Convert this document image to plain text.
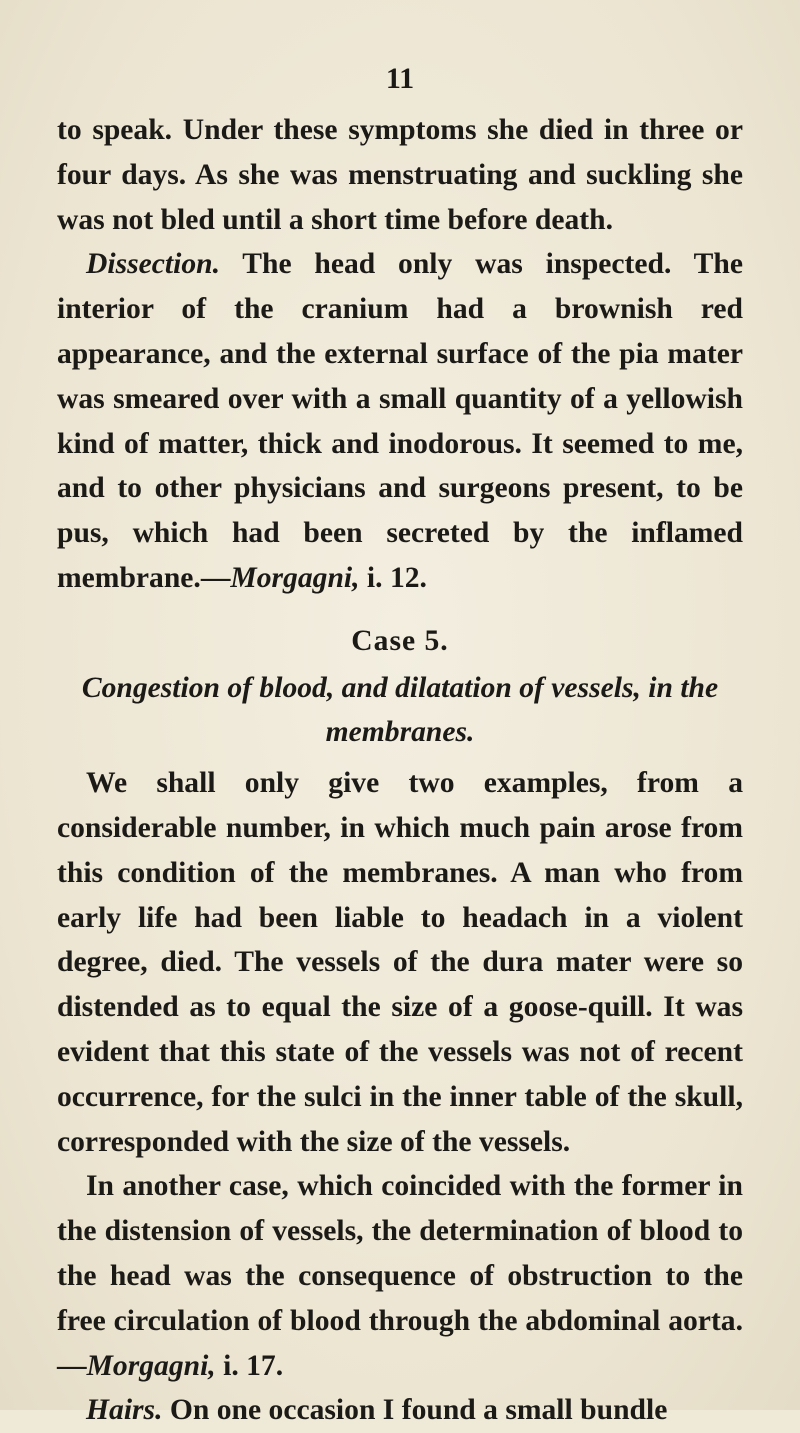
11

to speak. Under these symptoms she died in three or four days. As she was menstruating and suckling she was not bled until a short time before death.

Dissection. The head only was inspected. The interior of the cranium had a brownish red appearance, and the external surface of the pia mater was smeared over with a small quantity of a yellowish kind of matter, thick and inodorous. It seemed to me, and to other physicians and surgeons present, to be pus, which had been secreted by the inflamed membrane.—Morgagni, i. 12.

Case 5.

Congestion of blood, and dilatation of vessels, in the membranes.

We shall only give two examples, from a considerable number, in which much pain arose from this condition of the membranes. A man who from early life had been liable to headach in a violent degree, died. The vessels of the dura mater were so distended as to equal the size of a goose-quill. It was evident that this state of the vessels was not of recent occurrence, for the sulci in the inner table of the skull, corresponded with the size of the vessels.

In another case, which coincided with the former in the distension of vessels, the determination of blood to the head was the consequence of obstruction to the free circulation of blood through the abdominal aorta.—Morgagni, i. 17.

Hairs. On one occasion I found a small bundle
